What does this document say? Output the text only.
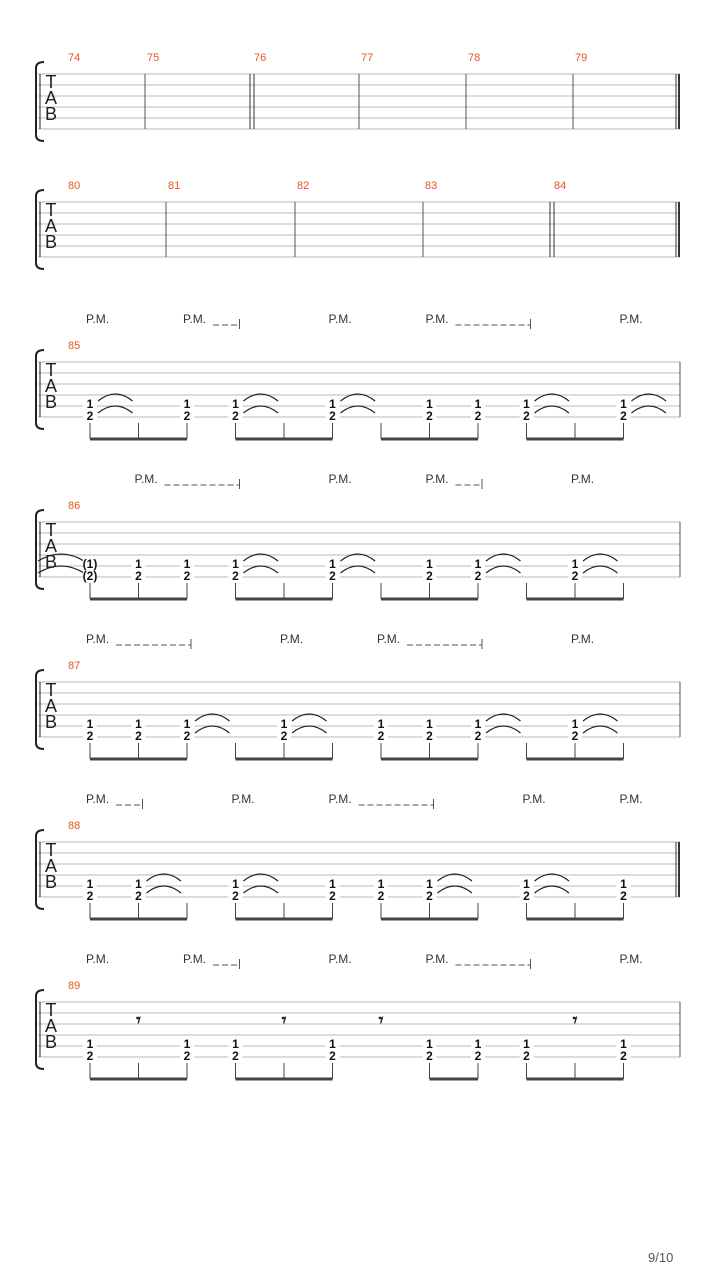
T
A
B
74	75	76	77	78	79
T
A
B
80	81	82	83	84
T
A
B
85
P.M.	P.M.	P.M.	P.M.	P.M.
1
2
1
2
1
2
1
2
1
2
1
2
1
2
1
2
T
A
B
86
P.M.	P.M.	P.M.	P.M.
(1)
(2)
1
2
1
2
1
2
1
2
1
2
1
2
1
2
T
A
B
87
P.M.	P.M.	P.M.	P.M.
1
2
1
2
1
2
1
2
1
2
1
2
1
2
1
2
T
A
B
88
P.M.	P.M.	P.M.	P.M.	P.M.
1
2
1
2
1
2
1
2
1
2
1
2
1
2
1
2
T
A
B
89
P.M.	P.M.	P.M.	P.M.	P.M.
𝄾	𝄾	𝄾	𝄾
1
2
1
2
1
2
1
2
1
2
1
2
1
2
1
2
9/10
